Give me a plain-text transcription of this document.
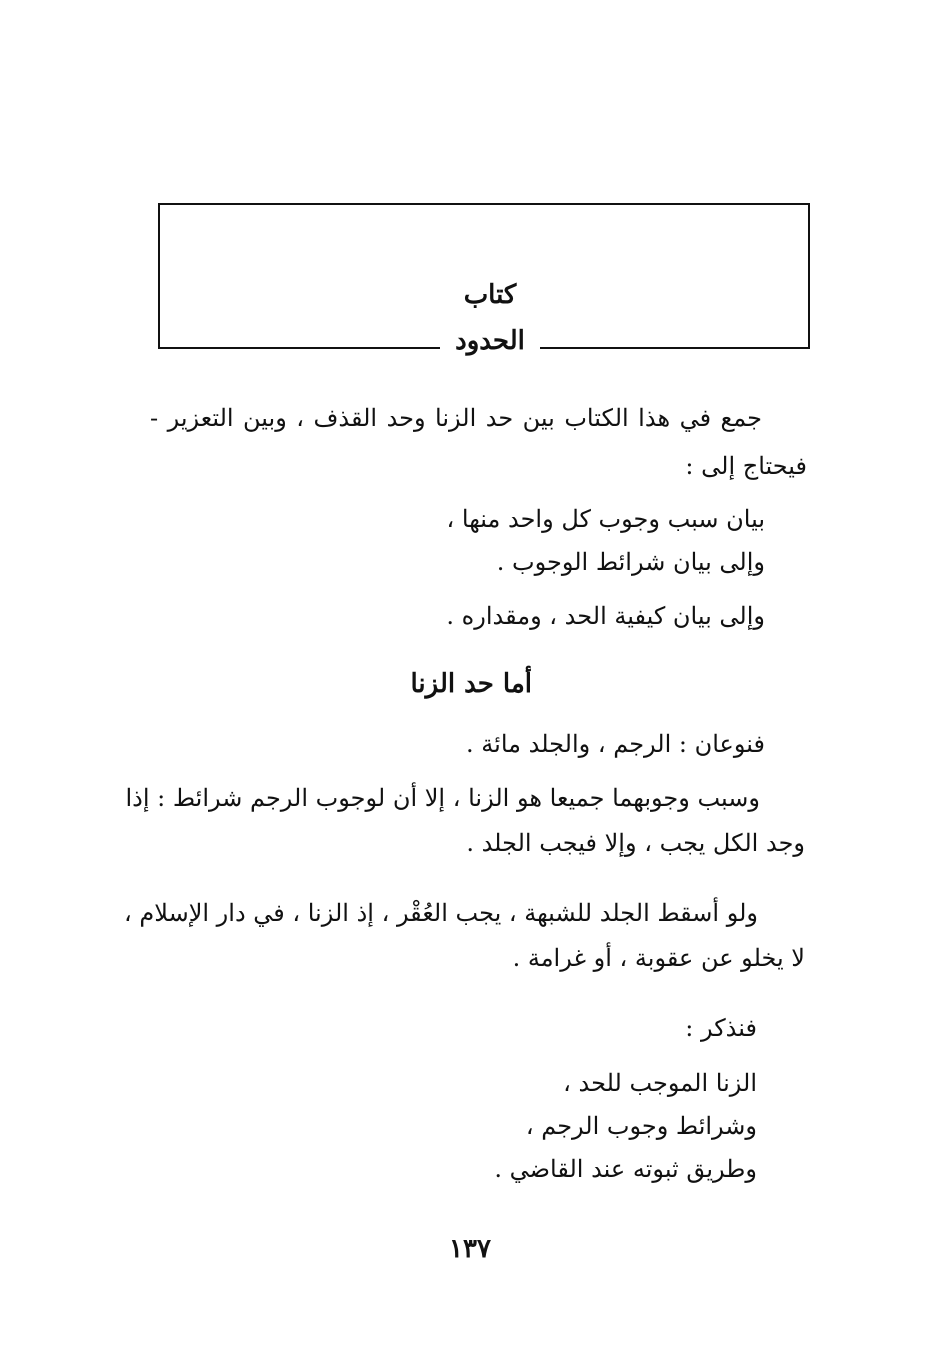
كتاب
الحدود
جمع في هذا الكتاب بين حد الزنا وحد القذف ، وبين التعزير -
فيحتاج إلى :
بيان سبب وجوب كل واحد منها ،
وإلى بيان شرائط الوجوب .
وإلى بيان كيفية الحد ، ومقداره .
أما حد الزنا
فنوعان : الرجم ، والجلد مائة .
وسبب وجوبهما جميعا هو الزنا ، إلا أن لوجوب الرجم شرائط : إذا
وجد الكل يجب ، وإلا فيجب الجلد .
ولو أسقط الجلد للشبهة ، يجب العُقْر ، إذ الزنا ، في دار الإسلام ،
لا يخلو عن عقوبة ، أو غرامة .
فنذكر :
الزنا الموجب للحد ،
وشرائط وجوب الرجم ،
وطريق ثبوته عند القاضي .
١٣٧
